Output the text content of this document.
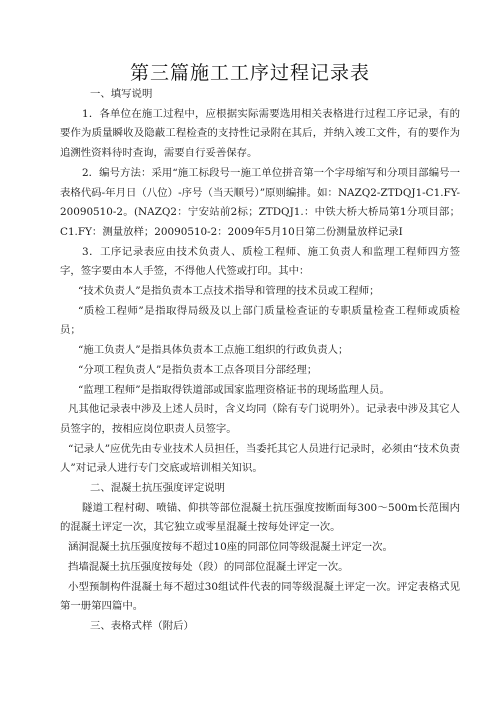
第三篇施工工序过程记录表

一、填写说明

1．各单位在施工过程中，应根据实际需要选用相关表格进行过程工序记录，有的要作为质量瞬收及隐蔽工程检查的支持性记录附在其后，并纳入竣工文件，有的要作为追溯性资料待时查询，需要自行妥善保存。

2．编号方法：采用“施工标段号一施工单位拼音第一个字母缩写和分项目部编号一表格代码-年月日（八位）-序号（当天顺号）”原则编排。如：NAZQ2-ZTDQJ1-C1.FY-20090510-2。(NAZQ2：宁安站前2标；ZTDQJ1.：中铁大桥大桥局第1分项目部；C1.FY：测量放样；20090510-2：2009年5月10日第二份测量放样记录I

3．工序记录表应由技术负责人、质检工程师、施工负责人和监理工程师四方签字，签字要由本人手签，不得他人代签或打印。其中：

“技术负责人”是指负责本工点技术指导和管理的技术员或工程师；

“质检工程师”是指取得局级及以上部门质量检查证的专职质量检查工程师或质检员；

“施工负责人”是指具体负责本工点施工组织的行政负责人；

“分项工程负责人”是指负责本工点各项目分部经理；

“监理工程师”是指取得铁道部或国家监理资格证书的现场监理人员。

凡其他记录表中涉及上述人员时，含义均同（除有专门说明外）。记录表中涉及其它人员签字的，按相应岗位职责人员签字。

“记录人”应优先由专业技术人员担任，当委托其它人员进行记录时，必须由“技术负责人”对记录人进行专门交底或培训相关知识。

二、混凝土抗压强度评定说明

隧道工程村砌、喷锚、仰拱等部位混凝土抗压强度按断面每300～500m长范围内的混凝土评定一次，其它独立或零星混凝土按每处评定一次。

涵洞混凝土抗压强度按每不超过10座的同部位同等级混凝土评定一次。

挡墙混凝土抗压强度按每处（段）的同部位混凝土评定一次。

小型预制构件混凝土每不超过30组试件代表的同等级混凝土评定一次。评定表格式见第一册第四篇中。

三、表格式样（附后）
